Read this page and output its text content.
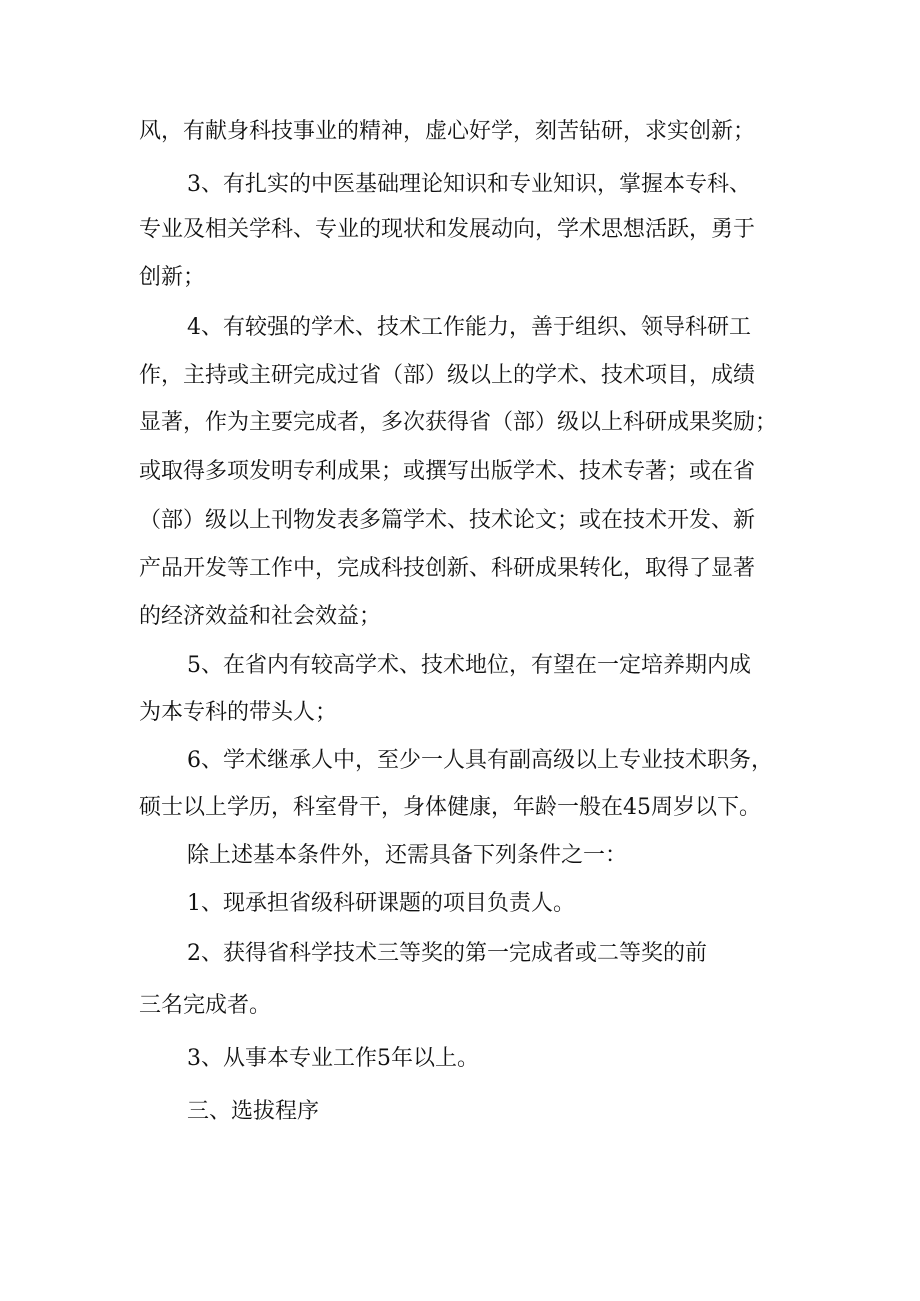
风，有献身科技事业的精神，虚心好学，刻苦钻研，求实创新；
3、有扎实的中医基础理论知识和专业知识，掌握本专科、
专业及相关学科、专业的现状和发展动向，学术思想活跃，勇于
创新；
4、有较强的学术、技术工作能力，善于组织、领导科研工
作，主持或主研完成过省（部）级以上的学术、技术项目，成绩
显著，作为主要完成者，多次获得省（部）级以上科研成果奖励；
或取得多项发明专利成果；或撰写出版学术、技术专著；或在省
（部）级以上刊物发表多篇学术、技术论文；或在技术开发、新
产品开发等工作中，完成科技创新、科研成果转化，取得了显著
的经济效益和社会效益；
5、在省内有较高学术、技术地位，有望在一定培养期内成
为本专科的带头人；
6、学术继承人中，至少一人具有副高级以上专业技术职务，
硕士以上学历，科室骨干，身体健康，年龄一般在45周岁以下。
除上述基本条件外，还需具备下列条件之一：
1、现承担省级科研课题的项目负责人。
2、获得省科学技术三等奖的第一完成者或二等奖的前
三名完成者。
3、从事本专业工作5年以上。
三、选拔程序
